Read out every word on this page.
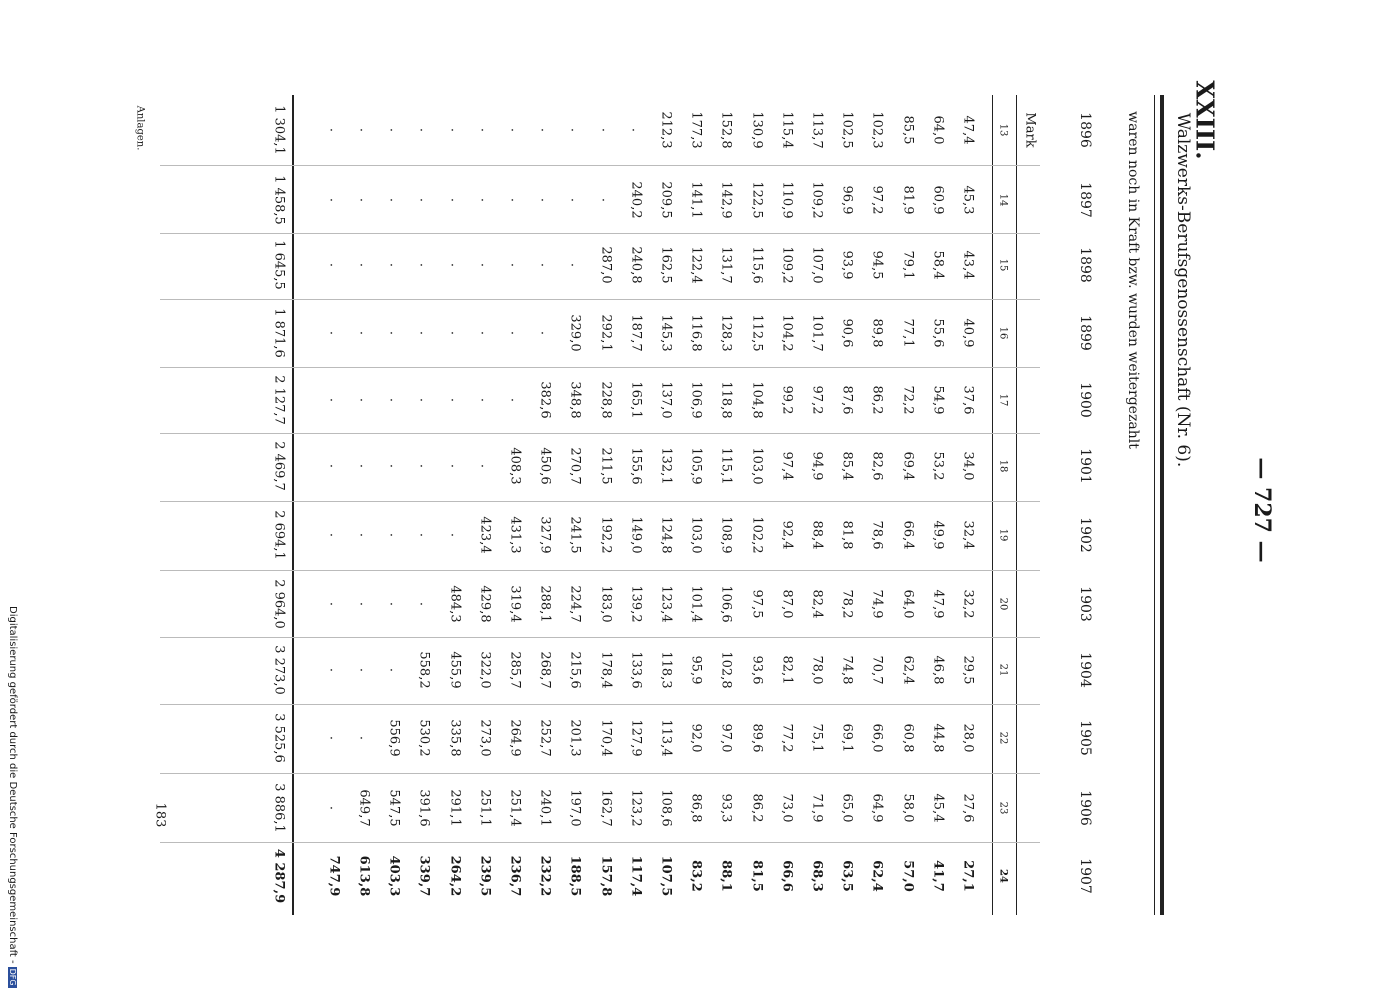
Digitalisierung gefördert durch die Deutsche Forschungsgemeinschaft -DFG
— 727 —
XXIII.
Walzwerks-Berufsgenossenschaft (Nr. 6).
waren noch in Kraft bzw. wurden weitergezahlt
Mark
Anlagen.
183
1896
13
1897
14
1898
15
1899
16
1900
17
1901
18
1902
19
1903
20
1904
21
1905
22
1906
23
1907
24
47,4
45,3
43,4
40,9
37,6
34,0
32,4
32,2
29,5
28,0
27,6
27,1
64,0
60,9
58,4
55,6
54,9
53,2
49,9
47,9
46,8
44,8
45,4
41,7
85,5
81,9
79,1
77,1
72,2
69,4
66,4
64,0
62,4
60,8
58,0
57,0
102,3
97,2
94,5
89,8
86,2
82,6
78,6
74,9
70,7
66,0
64,9
62,4
102,5
96,9
93,9
90,6
87,6
85,4
81,8
78,2
74,8
69,1
65,0
63,5
113,7
109,2
107,0
101,7
97,2
94,9
88,4
82,4
78,0
75,1
71,9
68,3
115,4
110,9
109,2
104,2
99,2
97,4
92,4
87,0
82,1
77,2
73,0
66,6
130,9
122,5
115,6
112,5
104,8
103,0
102,2
97,5
93,6
89,6
86,2
81,5
152,8
142,9
131,7
128,3
118,8
115,1
108,9
106,6
102,8
97,0
93,3
88,1
177,3
141,1
122,4
116,8
106,9
105,9
103,0
101,4
95,9
92,0
86,8
83,2
212,3
209,5
162,5
145,3
137,0
132,1
124,8
123,4
118,3
113,4
108,6
107,5
.
240,2
240,8
187,7
165,1
155,6
149,0
139,2
133,6
127,9
123,2
117,4
.
.
287,0
292,1
228,8
211,5
192,2
183,0
178,4
170,4
162,7
157,8
.
.
.
329,0
348,8
270,7
241,5
224,7
215,6
201,3
197,0
188,5
.
.
.
.
382,6
450,6
327,9
288,1
268,7
252,7
240,1
232,2
.
.
.
.
.
408,3
431,3
319,4
285,7
264,9
251,4
236,7
.
.
.
.
.
.
423,4
429,8
322,0
273,0
251,1
239,5
.
.
.
.
.
.
.
484,3
455,9
335,8
291,1
264,2
.
.
.
.
.
.
.
.
558,2
530,2
391,6
339,7
.
.
.
.
.
.
.
.
.
556,9
547,5
403,3
.
.
.
.
.
.
.
.
.
.
649,7
613,8
.
.
.
.
.
.
.
.
.
.
.
747,9
1 304,1
1 458,5
1 645,5
1 871,6
2 127,7
2 469,7
2 694,1
2 964,0
3 273,0
3 525,6
3 886,1
4 287,9
